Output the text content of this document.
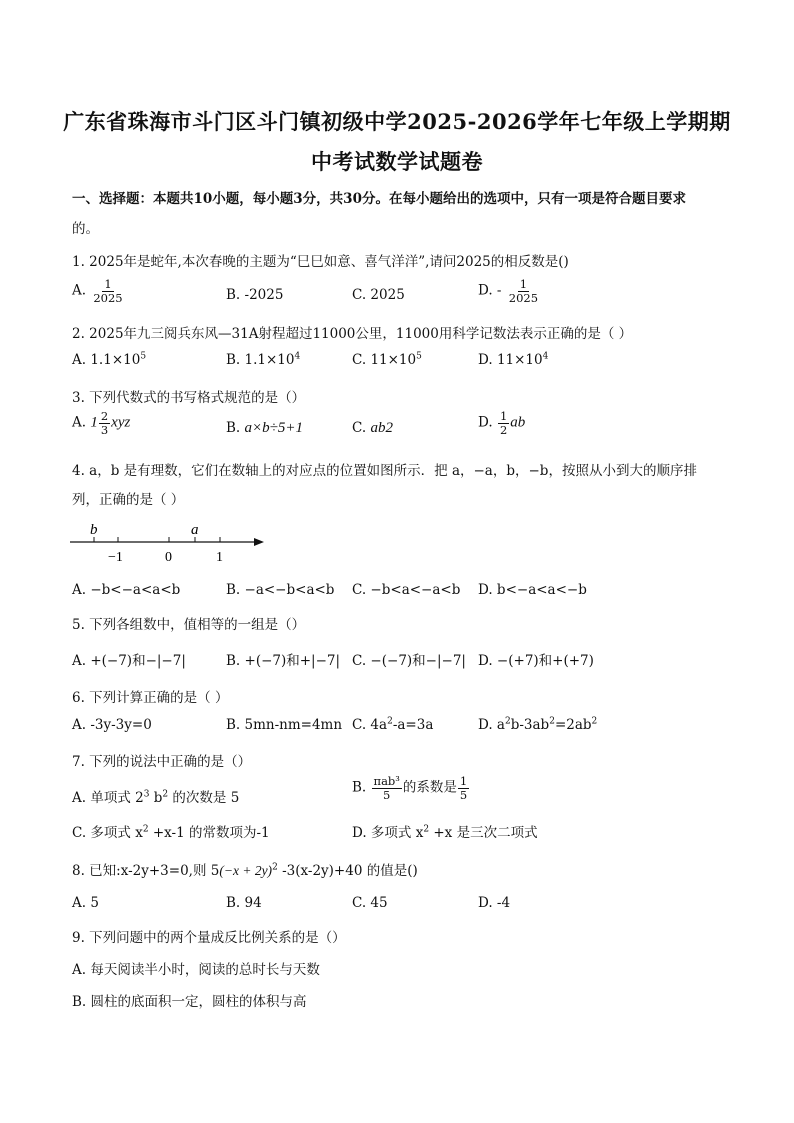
广东省珠海市斗门区斗门镇初级中学2025-2026学年七年级上学期期
中考试数学试题卷
一、选择题：本题共10小题，每小题3分，共30分。在每小题给出的选项中，只有一项是符合题目要求
的。
1. 2025年是蛇年,本次春晚的主题为“巳巳如意、喜气洋洋”,请问2025的相反数是()
A. $\frac{1}{2025}$	B. -2025	C. 2025	D. - $\frac{1}{2025}$
2. 2025年九三阅兵东风—31A射程超过11000公里，11000用科学记数法表示正确的是（ ）
A. $1.1\times 10^5$	B. $1.1\times 10^4$	C. $11\times 10^5$	D. $11\times 10^4$
3. 下列代数式的书写格式规范的是（）
A. $1 \frac{2}{3}$ xyz	B. a×b÷5+1	C. ab2	D. $\frac{1}{2}$ ab
4. a，b 是有理数，它们在数轴上的对应点的位置如图所示．把 a，−a，b，−b，按照从小到大的顺序排
列，正确的是（ ）
b	a
−1	0	1
A. −b<−a<a<b	B. −a<−b<a<b C. −b<a<−a<b D. b<−a<a<−b
5. 下列各组数中，值相等的一组是（）
A. +(−7)和−|−7|	B. +(−7)和+|−7| C. −(−7)和−|−7| D. −(+7)和+(+7)
6. 下列计算正确的是（ ）
A. -3y-3y=0	B. 5mn-nm=4mn C. $4a^2-a=3a$	D. $a^2b-3ab^2=2ab^2$
7. 下列的说法中正确的是（）
A. 单项式 $2^3$ $b^2$ 的次数是 5
B. $\frac{\text{πab³}}{5}$ 的系数是 $\frac{1}{5}$
C. 多项式 $x^2 +x-1$ 的常数项为-1	D. 多项式 $x^2 +x$ 是三次二项式
8. 已知:x-2y+3=0,则 $5(-x + 2y)^2$ -3(x-2y)+40 的值是()
A. 5	B. 94	C. 45	D. -4
9. 下列问题中的两个量成反比例关系的是（）
A. 每天阅读半小时，阅读的总时长与天数
B. 圆柱的底面积一定，圆柱的体积与高
